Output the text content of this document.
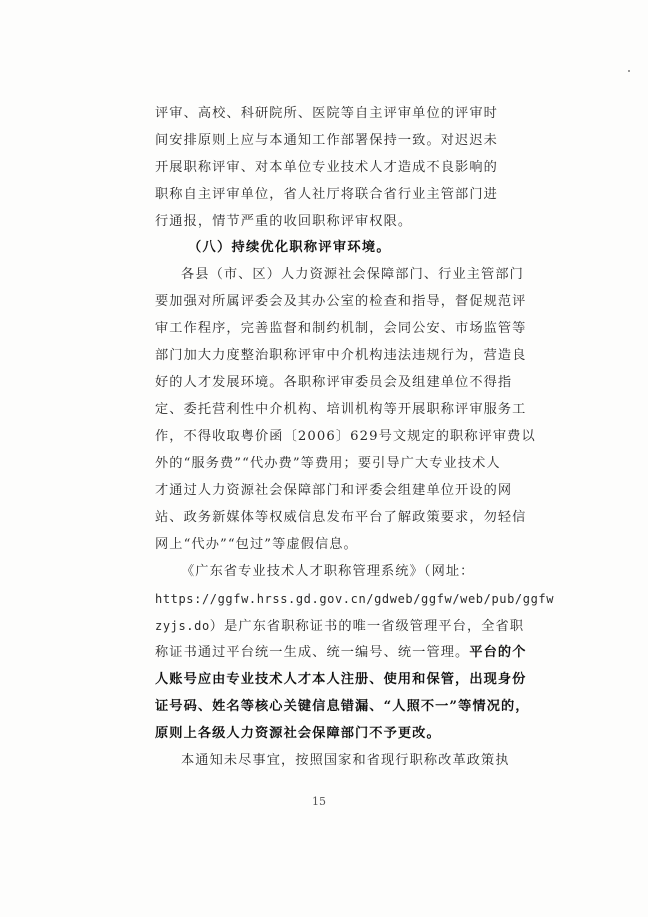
评审、高校、科研院所、医院等自主评审单位的评审时
间安排原则上应与本通知工作部署保持一致。对迟迟未
开展职称评审、对本单位专业技术人才造成不良影响的
职称自主评审单位，省人社厅将联合省行业主管部门进
行通报，情节严重的收回职称评审权限。
（八）持续优化职称评审环境。
各县（市、区）人力资源社会保障部门、行业主管部门
要加强对所属评委会及其办公室的检查和指导，督促规范评
审工作程序，完善监督和制约机制，会同公安、市场监管等
部门加大力度整治职称评审中介机构违法违规行为，营造良
好的人才发展环境。各职称评审委员会及组建单位不得指
定、委托营利性中介机构、培训机构等开展职称评审服务工
作，不得收取粤价函〔2006〕629号文规定的职称评审费以
外的“服务费”“代办费”等费用；要引导广大专业技术人
才通过人力资源社会保障部门和评委会组建单位开设的网
站、政务新媒体等权威信息发布平台了解政策要求，勿轻信
网上“代办”“包过”等虚假信息。
《广东省专业技术人才职称管理系统》（网址：
https://ggfw.hrss.gd.gov.cn/gdweb/ggfw/web/pub/ggfw
zyjs.do）是广东省职称证书的唯一省级管理平台，全省职
称证书通过平台统一生成、统一编号、统一管理。平台的个
人账号应由专业技术人才本人注册、使用和保管，出现身份
证号码、姓名等核心关键信息错漏、“人照不一”等情况的，
原则上各级人力资源社会保障部门不予更改。
本通知未尽事宜，按照国家和省现行职称改革政策执
15
